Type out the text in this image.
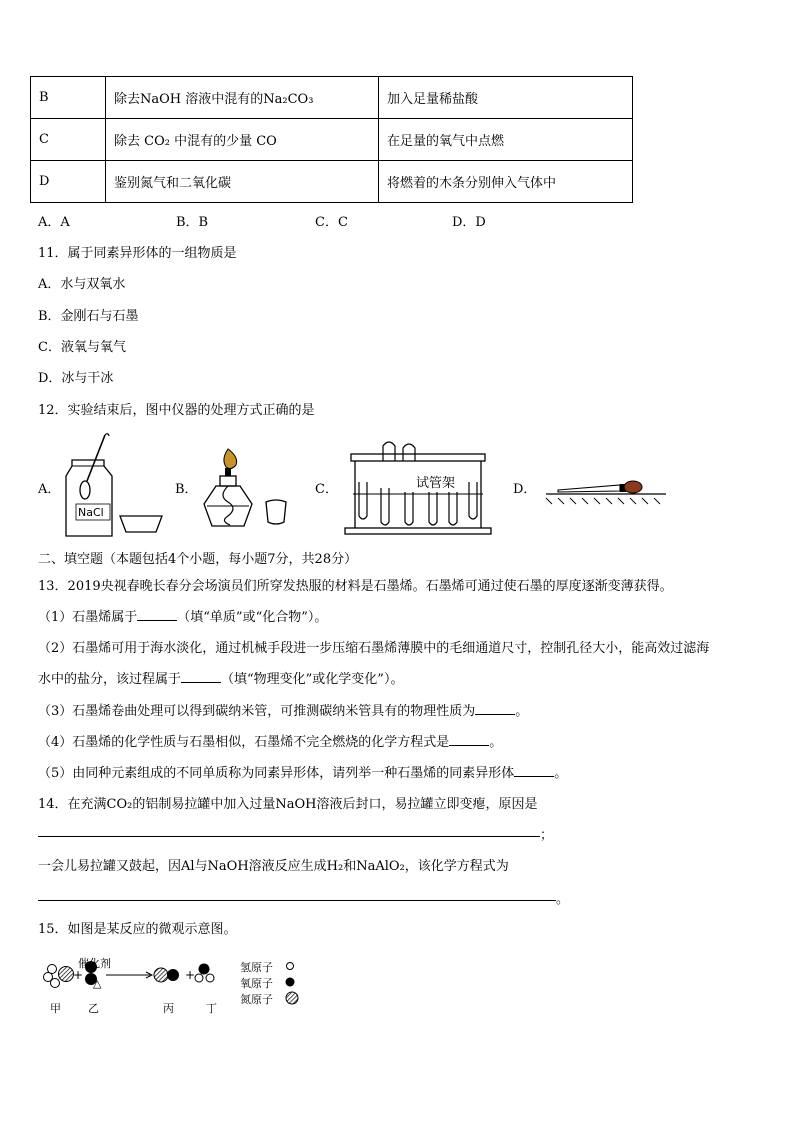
B	除去NaOH 溶液中混有的Na₂CO₃	加入足量稀盐酸
C	除去 CO₂ 中混有的少量 CO	在足量的氧气中点燃
D	鉴别氮气和二氧化碳	将燃着的木条分别伸入气体中
A．A	B．B	C．C	D．D
11．属于同素异形体的一组物质是
A．水与双氧水
B．金刚石与石墨
C．液氧与氧气
D．冰与干冰
12．实验结束后，图中仪器的处理方式正确的是
A．	B．	C．	D．
NaCl
试管架
二、填空题（本题包括4个小题，每小题7分，共28分）
13．2019央视春晚长春分会场演员们所穿发热服的材料是石墨烯。石墨烯可通过使石墨的厚度逐渐变薄获得。
（1）石墨烯属于	（填“单质”或“化合物”）。
（2）石墨烯可用于海水淡化，通过机械手段进一步压缩石墨烯薄膜中的毛细通道尺寸，控制孔径大小，能高效过滤海
水中的盐分，该过程属于	（填“物理变化”或化学变化”）。
（3）石墨烯卷曲处理可以得到碳纳米管，可推测碳纳米管具有的物理性质为	。
（4）石墨烯的化学性质与石墨相似，石墨烯不完全燃烧的化学方程式是	。
（5）由同种元素组成的不同单质称为同素异形体，请列举一种石墨烯的同素异形体	。
14．在充满CO₂的铝制易拉罐中加入过量NaOH溶液后封口，易拉罐立即变瘪，原因是
；
一会儿易拉罐又鼓起，因Al与NaOH溶液反应生成H₂和NaAlO₂，该化学方程式为
。
15．如图是某反应的微观示意图。
+	+
催化剂
△
甲 乙	丙	丁
氢原子
氧原子
氮原子
